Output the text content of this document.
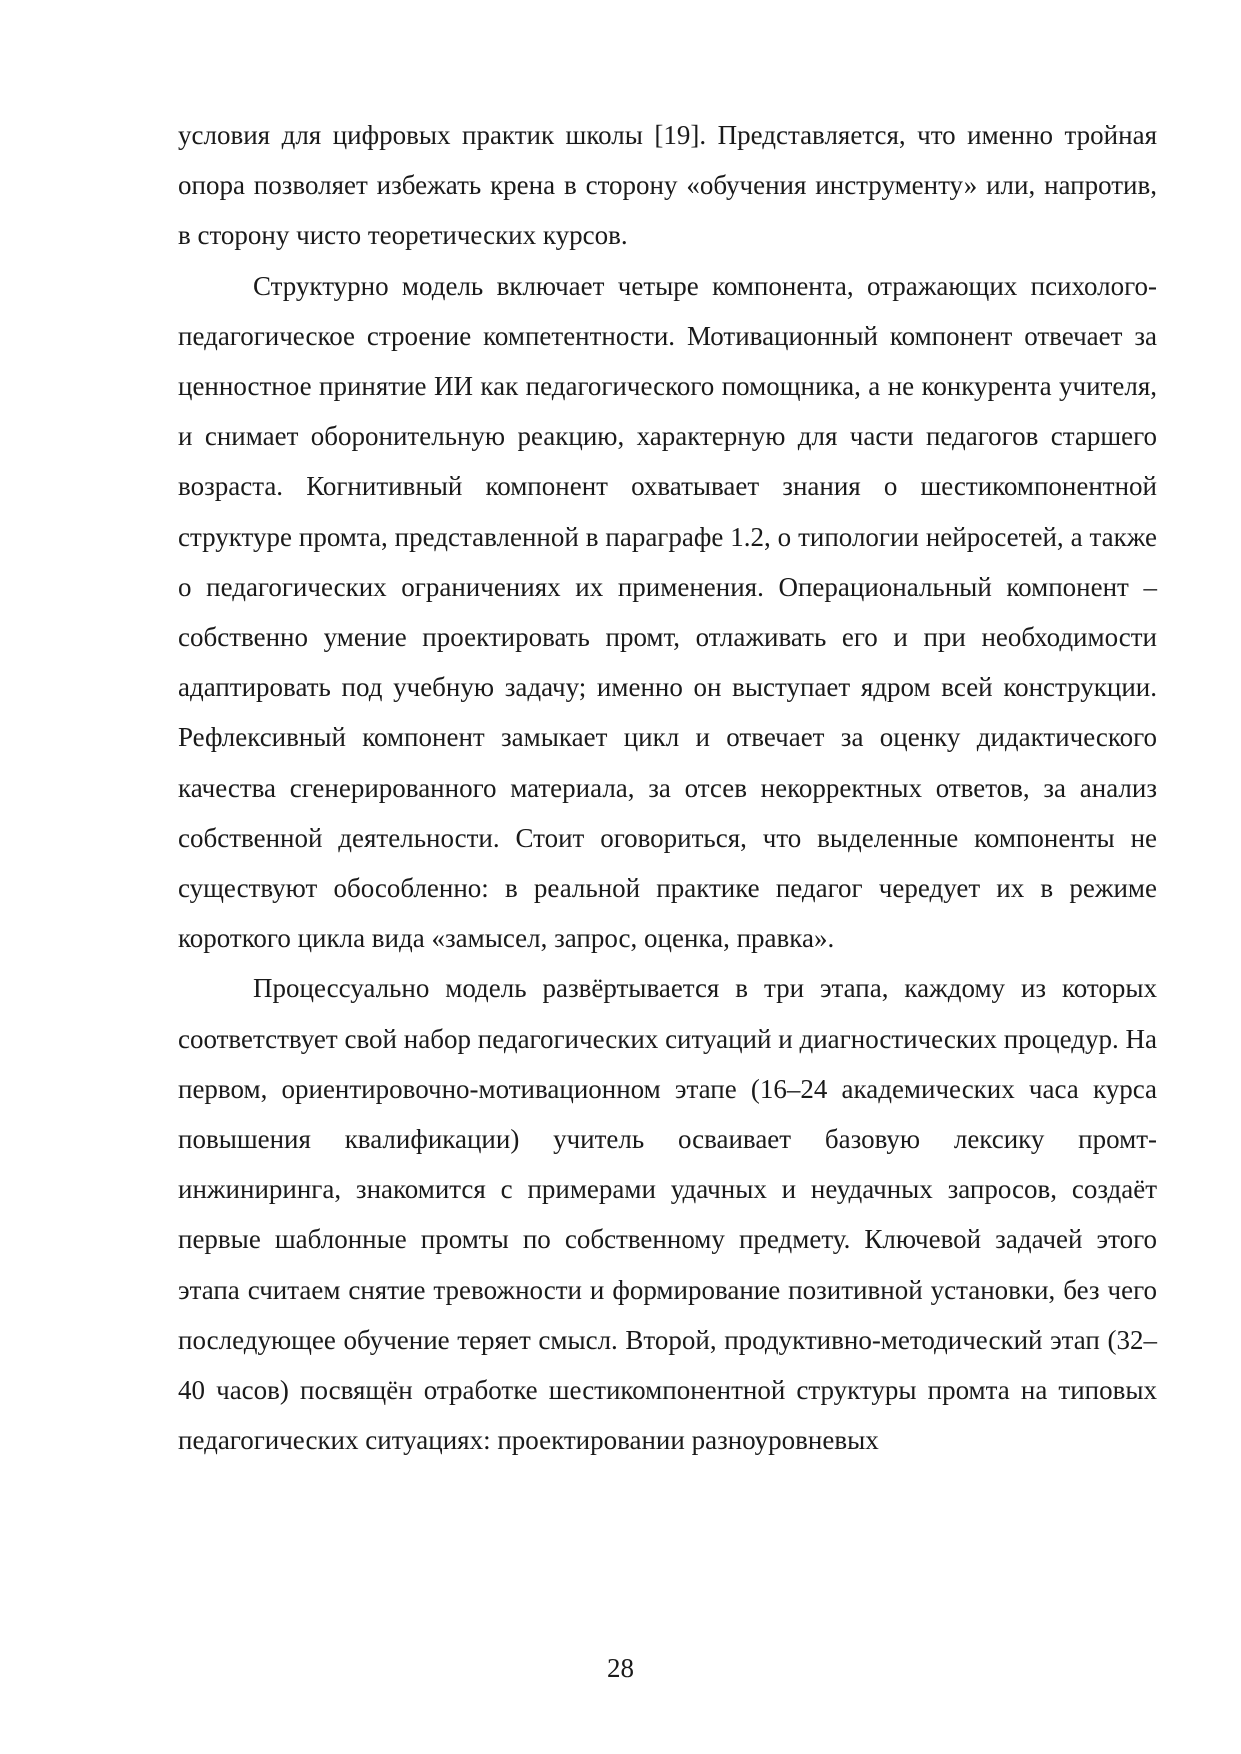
условия для цифровых практик школы [19]. Представляется, что именно тройная опора позволяет избежать крена в сторону «обучения инструменту» или, напротив, в сторону чисто теоретических курсов.

Структурно модель включает четыре компонента, отражающих психолого-педагогическое строение компетентности. Мотивационный компонент отвечает за ценностное принятие ИИ как педагогического помощника, а не конкурента учителя, и снимает оборонительную реакцию, характерную для части педагогов старшего возраста. Когнитивный компонент охватывает знания о шестикомпонентной структуре промта, представленной в параграфе 1.2, о типологии нейросетей, а также о педагогических ограничениях их применения. Операциональный компонент – собственно умение проектировать промт, отлаживать его и при необходимости адаптировать под учебную задачу; именно он выступает ядром всей конструкции. Рефлексивный компонент замыкает цикл и отвечает за оценку дидактического качества сгенерированного материала, за отсев некорректных ответов, за анализ собственной деятельности. Стоит оговориться, что выделенные компоненты не существуют обособленно: в реальной практике педагог чередует их в режиме короткого цикла вида «замысел, запрос, оценка, правка».

Процессуально модель развёртывается в три этапа, каждому из которых соответствует свой набор педагогических ситуаций и диагностических процедур. На первом, ориентировочно-мотивационном этапе (16–24 академических часа курса повышения квалификации) учитель осваивает базовую лексику промт-инжиниринга, знакомится с примерами удачных и неудачных запросов, создаёт первые шаблонные промты по собственному предмету. Ключевой задачей этого этапа считаем снятие тревожности и формирование позитивной установки, без чего последующее обучение теряет смысл. Второй, продуктивно-методический этап (32–40 часов) посвящён отработке шестикомпонентной структуры промта на типовых педагогических ситуациях: проектировании разноуровневых

28
